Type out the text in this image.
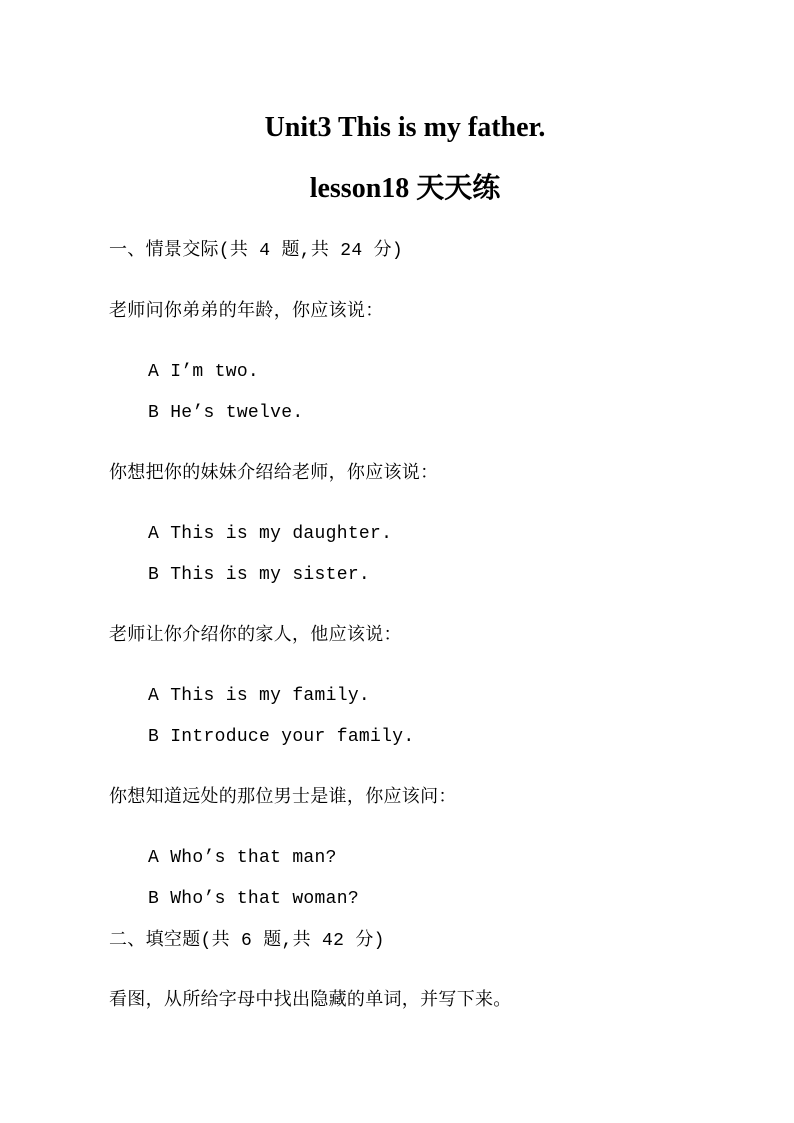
Unit3 This is my father.
lesson18 天天练
一、情景交际(共 4 题,共 24 分)
老师问你弟弟的年龄，你应该说：
A I’m two.
B He’s twelve.
你想把你的妹妹介绍给老师，你应该说：
A This is my daughter.
B This is my sister.
老师让你介绍你的家人，他应该说：
A This is my family.
B Introduce your family.
你想知道远处的那位男士是谁，你应该问：
A Who’s that man?
B Who’s that woman?
二、填空题(共 6 题,共 42 分)
看图，从所给字母中找出隐藏的单词，并写下来。
